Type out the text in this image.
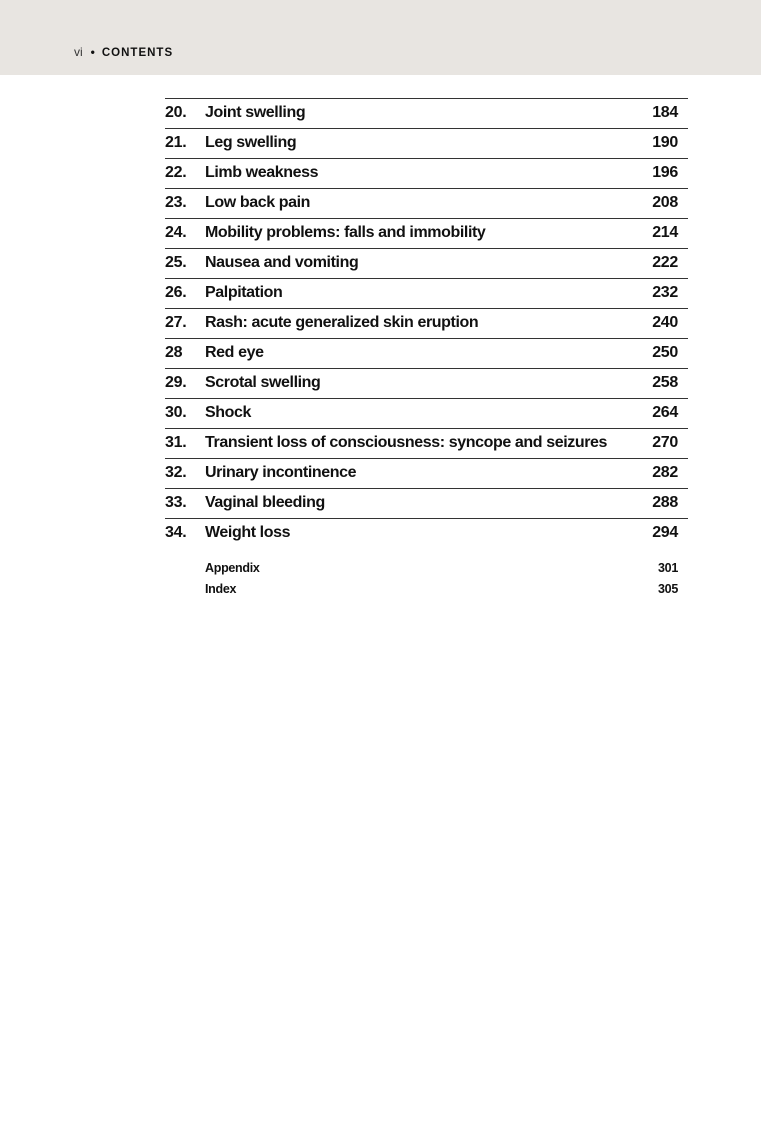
vi • CONTENTS
20. Joint swelling	184
21. Leg swelling	190
22. Limb weakness	196
23. Low back pain	208
24. Mobility problems: falls and immobility	214
25. Nausea and vomiting	222
26. Palpitation	232
27. Rash: acute generalized skin eruption	240
28 Red eye	250
29. Scrotal swelling	258
30. Shock	264
31. Transient loss of consciousness: syncope and seizures	270
32. Urinary incontinence	282
33. Vaginal bleeding	288
34. Weight loss	294
Appendix	301
Index	305
